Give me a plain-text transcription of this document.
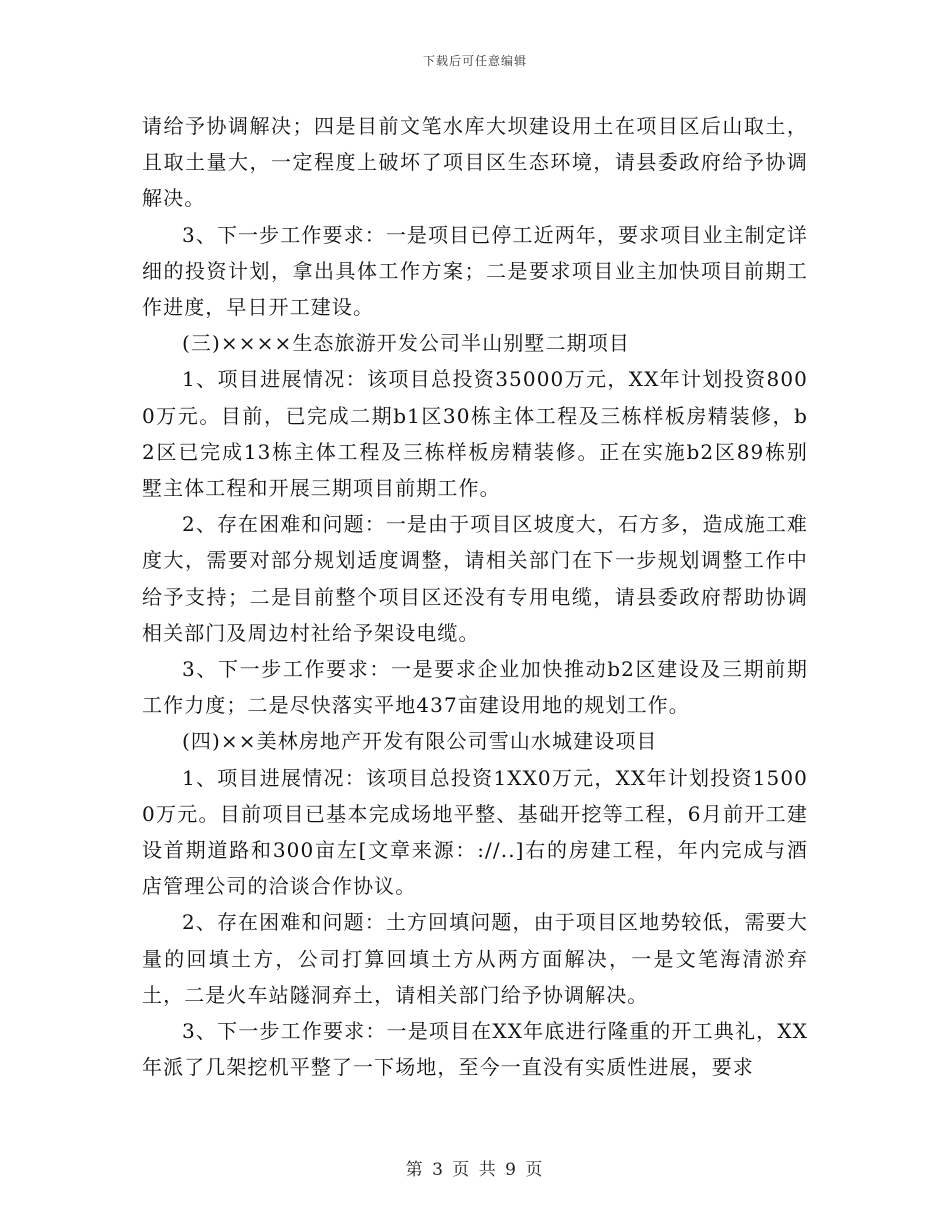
下载后可任意编辑

请给予协调解决；四是目前文笔水库大坝建设用土在项目区后山取土，且取土量大，一定程度上破坏了项目区生态环境，请县委政府给予协调解决。

3、下一步工作要求：一是项目已停工近两年，要求项目业主制定详细的投资计划，拿出具体工作方案；二是要求项目业主加快项目前期工作进度，早日开工建设。

(三)××××生态旅游开发公司半山别墅二期项目

1、项目进展情况：该项目总投资35000万元，XX年计划投资8000万元。目前，已完成二期b1区30栋主体工程及三栋样板房精装修，b2区已完成13栋主体工程及三栋样板房精装修。正在实施b2区89栋别墅主体工程和开展三期项目前期工作。

2、存在困难和问题：一是由于项目区坡度大，石方多，造成施工难度大，需要对部分规划适度调整，请相关部门在下一步规划调整工作中给予支持；二是目前整个项目区还没有专用电缆，请县委政府帮助协调相关部门及周边村社给予架设电缆。

3、下一步工作要求：一是要求企业加快推动b2区建设及三期前期工作力度；二是尽快落实平地437亩建设用地的规划工作。

(四)××美林房地产开发有限公司雪山水城建设项目

1、项目进展情况：该项目总投资1XX0万元，XX年计划投资15000万元。目前项目已基本完成场地平整、基础开挖等工程，6月前开工建设首期道路和300亩左[文章来源：://..]右的房建工程，年内完成与酒店管理公司的洽谈合作协议。

2、存在困难和问题：土方回填问题，由于项目区地势较低，需要大量的回填土方，公司打算回填土方从两方面解决，一是文笔海清淤弃土，二是火车站隧洞弃土，请相关部门给予协调解决。

3、下一步工作要求：一是项目在XX年底进行隆重的开工典礼，XX年派了几架挖机平整了一下场地，至今一直没有实质性进展，要求

第 3 页 共 9 页
